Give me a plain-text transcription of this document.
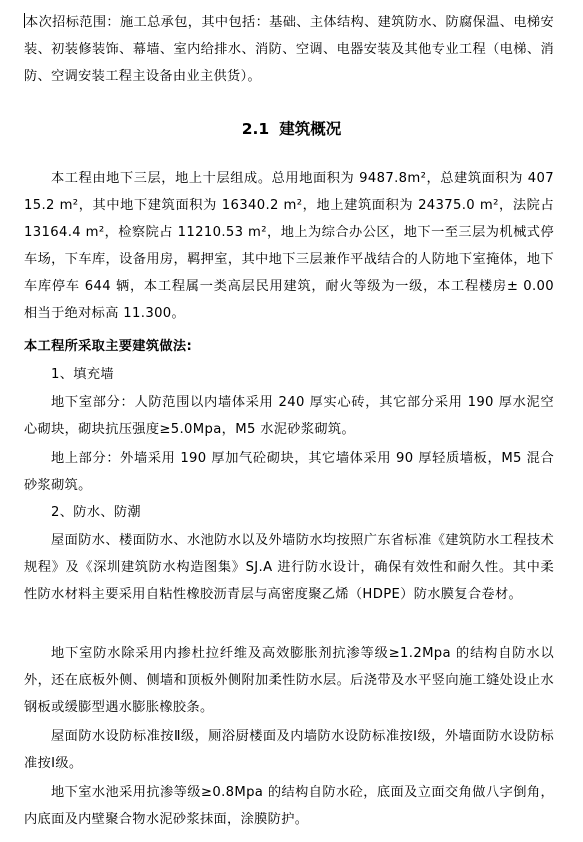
本次招标范围：施工总承包，其中包括：基础、主体结构、建筑防水、防腐保温、电梯安装、初装修装饰、幕墙、室内给排水、消防、空调、电器安装及其他专业工程（电梯、消防、空调安装工程主设备由业主供货）。
2.1 建筑概况
本工程由地下三层，地上十层组成。总用地面积为 9487.8m²，总建筑面积为 40715.2 m²，其中地下建筑面积为 16340.2 m²，地上建筑面积为 24375.0 m²，法院占 13164.4 m²，检察院占 11210.53 m²，地上为综合办公区，地下一至三层为机械式停车场，下车库，设备用房，羁押室，其中地下三层兼作平战结合的人防地下室掩体，地下车库停车 644 辆，本工程属一类高层民用建筑，耐火等级为一级，本工程楼房± 0.00 相当于绝对标高 11.300。
本工程所采取主要建筑做法:
1、填充墙
地下室部分：人防范围以内墙体采用 240 厚实心砖，其它部分采用 190 厚水泥空心砌块，砌块抗压强度≥5.0Mpa，M5 水泥砂浆砌筑。
地上部分：外墙采用 190 厚加气砼砌块，其它墙体采用 90 厚轻质墙板，M5 混合砂浆砌筑。
2、防水、防潮
屋面防水、楼面防水、水池防水以及外墙防水均按照广东省标准《建筑防水工程技术规程》及《深圳建筑防水构造图集》SJ.A 进行防水设计，确保有效性和耐久性。其中柔性防水材料主要采用自粘性橡胶沥青层与高密度聚乙烯（HDPE）防水膜复合卷材。
地下室防水除采用内掺杜拉纤维及高效膨胀剂抗渗等级≥1.2Mpa 的结构自防水以外，还在底板外侧、侧墙和顶板外侧附加柔性防水层。后浇带及水平竖向施工缝处设止水钢板或缓膨型遇水膨胀橡胶条。
屋面防水设防标准按Ⅱ级，厕浴厨楼面及内墙防水设防标准按Ⅰ级，外墙面防水设防标准按Ⅰ级。
地下室水池采用抗渗等级≥0.8Mpa 的结构自防水砼，底面及立面交角做八字倒角，内底面及内壁聚合物水泥砂浆抹面，涂膜防护。
